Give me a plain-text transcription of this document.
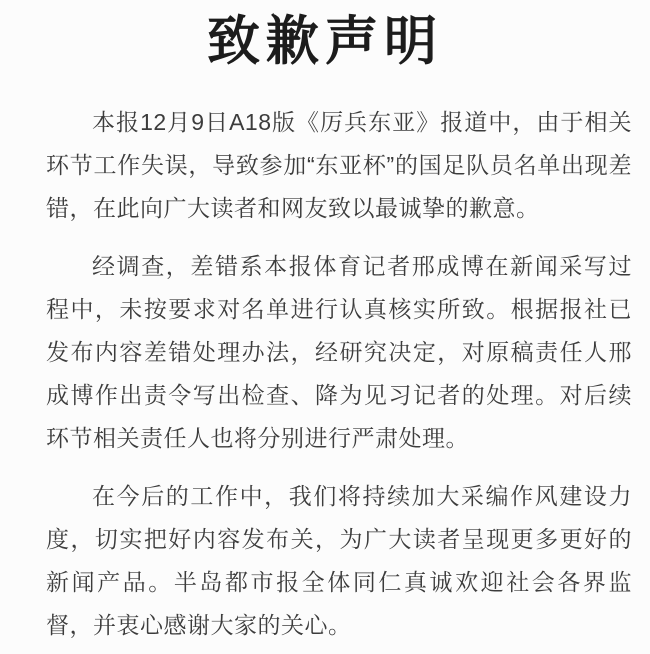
致歉声明

本报12月9日A18版《厉兵东亚》报道中，由于相关环节工作失误，导致参加“东亚杯”的国足队员名单出现差错，在此向广大读者和网友致以最诚挚的歉意。

经调查，差错系本报体育记者邢成博在新闻采写过程中，未按要求对名单进行认真核实所致。根据报社已发布内容差错处理办法，经研究决定，对原稿责任人邢成博作出责令写出检查、降为见习记者的处理。对后续环节相关责任人也将分别进行严肃处理。

在今后的工作中，我们将持续加大采编作风建设力度，切实把好内容发布关，为广大读者呈现更多更好的新闻产品。半岛都市报全体同仁真诚欢迎社会各界监督，并衷心感谢大家的关心。
